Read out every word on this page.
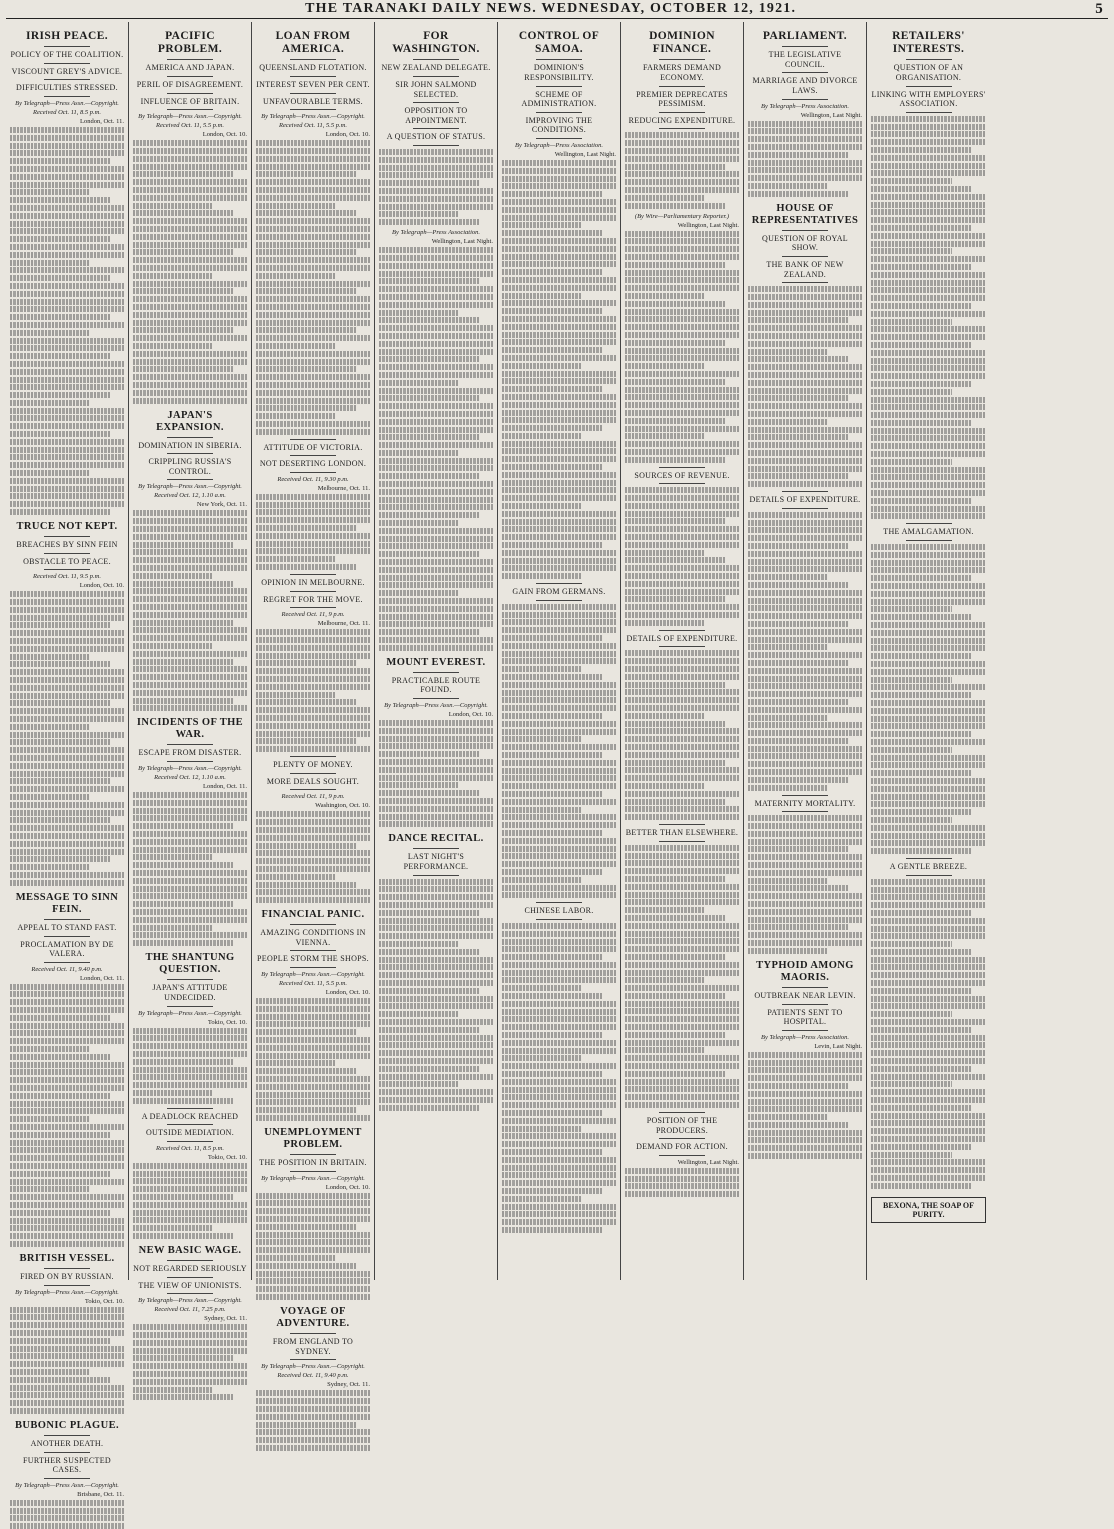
THE TARANAKI DAILY NEWS. WEDNESDAY, OCTOBER 12, 1921.	5
IRISH PEACE.
POLICY OF THE COALITION.
VISCOUNT GREY'S ADVICE.
DIFFICULTIES STRESSED.
By Telegraph—Press Assn.—Copyright.
Received Oct. 11, 8.5 p.m.
London, Oct. 11.
TRUCE NOT KEPT.
BREACHES BY SINN FEIN
OBSTACLE TO PEACE.
Received Oct. 11, 9.5 p.m.
London, Oct. 10.
MESSAGE TO SINN FEIN.
APPEAL TO STAND FAST.
PROCLAMATION BY DE VALERA.
Received Oct. 11, 9.40 p.m.
London, Oct. 11.
BRITISH VESSEL.
FIRED ON BY RUSSIAN.
By Telegraph—Press Assn.—Copyright.
Tokio, Oct. 10.
BUBONIC PLAGUE.
ANOTHER DEATH.
FURTHER SUSPECTED CASES.
By Telegraph—Press Assn.—Copyright.
Brisbane, Oct. 11.
PACIFIC PROBLEM.
AMERICA AND JAPAN.
PERIL OF DISAGREEMENT.
INFLUENCE OF BRITAIN.
By Telegraph—Press Assn.—Copyright.
Received Oct. 11, 5.5 p.m.
London, Oct. 10.
JAPAN'S EXPANSION.
DOMINATION IN SIBERIA.
CRIPPLING RUSSIA'S CONTROL.
By Telegraph—Press Assn.—Copyright.
Received Oct. 12, 1.10 a.m.
New York, Oct. 11.
INCIDENTS OF THE WAR.
ESCAPE FROM DISASTER.
By Telegraph—Press Assn.—Copyright.
Received Oct. 12, 1.10 a.m.
London, Oct. 11.
THE SHANTUNG QUESTION.
JAPAN'S ATTITUDE UNDECIDED.
By Telegraph—Press Assn.—Copyright.
Tokio, Oct. 10.
A DEADLOCK REACHED
OUTSIDE MEDIATION.
Received Oct. 11, 8.5 p.m.
Tokio, Oct. 10.
NEW BASIC WAGE.
NOT REGARDED SERIOUSLY
THE VIEW OF UNIONISTS.
By Telegraph—Press Assn.—Copyright.
Received Oct. 11, 7.25 p.m.
Sydney, Oct. 11.
LOAN FROM AMERICA.
QUEENSLAND FLOTATION.
INTEREST SEVEN PER CENT.
UNFAVOURABLE TERMS.
By Telegraph—Press Assn.—Copyright.
Received Oct. 11, 5.5 p.m.
London, Oct. 10.
ATTITUDE OF VICTORIA.
NOT DESERTING LONDON.
Received Oct. 11, 9.30 p.m.
Melbourne, Oct. 11.
OPINION IN MELBOURNE.
REGRET FOR THE MOVE.
Received Oct. 11, 9 p.m.
Melbourne, Oct. 11.
PLENTY OF MONEY.
MORE DEALS SOUGHT.
Received Oct. 11, 9 p.m.
Washington, Oct. 10.
FINANCIAL PANIC.
AMAZING CONDITIONS IN VIENNA.
PEOPLE STORM THE SHOPS.
By Telegraph—Press Assn.—Copyright.
Received Oct. 11, 5.5 p.m.
London, Oct. 10.
UNEMPLOYMENT PROBLEM.
THE POSITION IN BRITAIN.
By Telegraph—Press Assn.—Copyright.
London, Oct. 10.
VOYAGE OF ADVENTURE.
FROM ENGLAND TO SYDNEY.
By Telegraph—Press Assn.—Copyright.
Received Oct. 11, 9.40 p.m.
Sydney, Oct. 11.
FOR WASHINGTON.
NEW ZEALAND DELEGATE.
SIR JOHN SALMOND SELECTED.
OPPOSITION TO APPOINTMENT.
A QUESTION OF STATUS.
By Telegraph—Press Association.
Wellington, Last Night.
MOUNT EVEREST.
PRACTICABLE ROUTE FOUND.
By Telegraph—Press Assn.—Copyright.
London, Oct. 10.
DANCE RECITAL.
LAST NIGHT'S PERFORMANCE.
CONTROL OF SAMOA.
DOMINION'S RESPONSIBILITY.
SCHEME OF ADMINISTRATION.
IMPROVING THE CONDITIONS.
By Telegraph—Press Association.
Wellington, Last Night.
GAIN FROM GERMANS.
CHINESE LABOR.
DOMINION FINANCE.
FARMERS DEMAND ECONOMY.
PREMIER DEPRECATES PESSIMISM.
REDUCING EXPENDITURE.
(By Wire—Parliamentary Reporter.)
Wellington, Last Night.
SOURCES OF REVENUE.
DETAILS OF EXPENDITURE.
BETTER THAN ELSEWHERE.
POSITION OF THE PRODUCERS.
DEMAND FOR ACTION.
Wellington, Last Night.
PARLIAMENT.
THE LEGISLATIVE COUNCIL.
MARRIAGE AND DIVORCE LAWS.
By Telegraph—Press Association.
Wellington, Last Night.
HOUSE OF REPRESENTATIVES
QUESTION OF ROYAL SHOW.
THE BANK OF NEW ZEALAND.
DETAILS OF EXPENDITURE.
MATERNITY MORTALITY.
TYPHOID AMONG MAORIS.
OUTBREAK NEAR LEVIN.
PATIENTS SENT TO HOSPITAL.
By Telegraph—Press Association.
Levin, Last Night.
RETAILERS' INTERESTS.
QUESTION OF AN ORGANISATION.
LINKING WITH EMPLOYERS' ASSOCIATION.
THE AMALGAMATION.
A GENTLE BREEZE.
BEXONA, THE SOAP OF PURITY.
